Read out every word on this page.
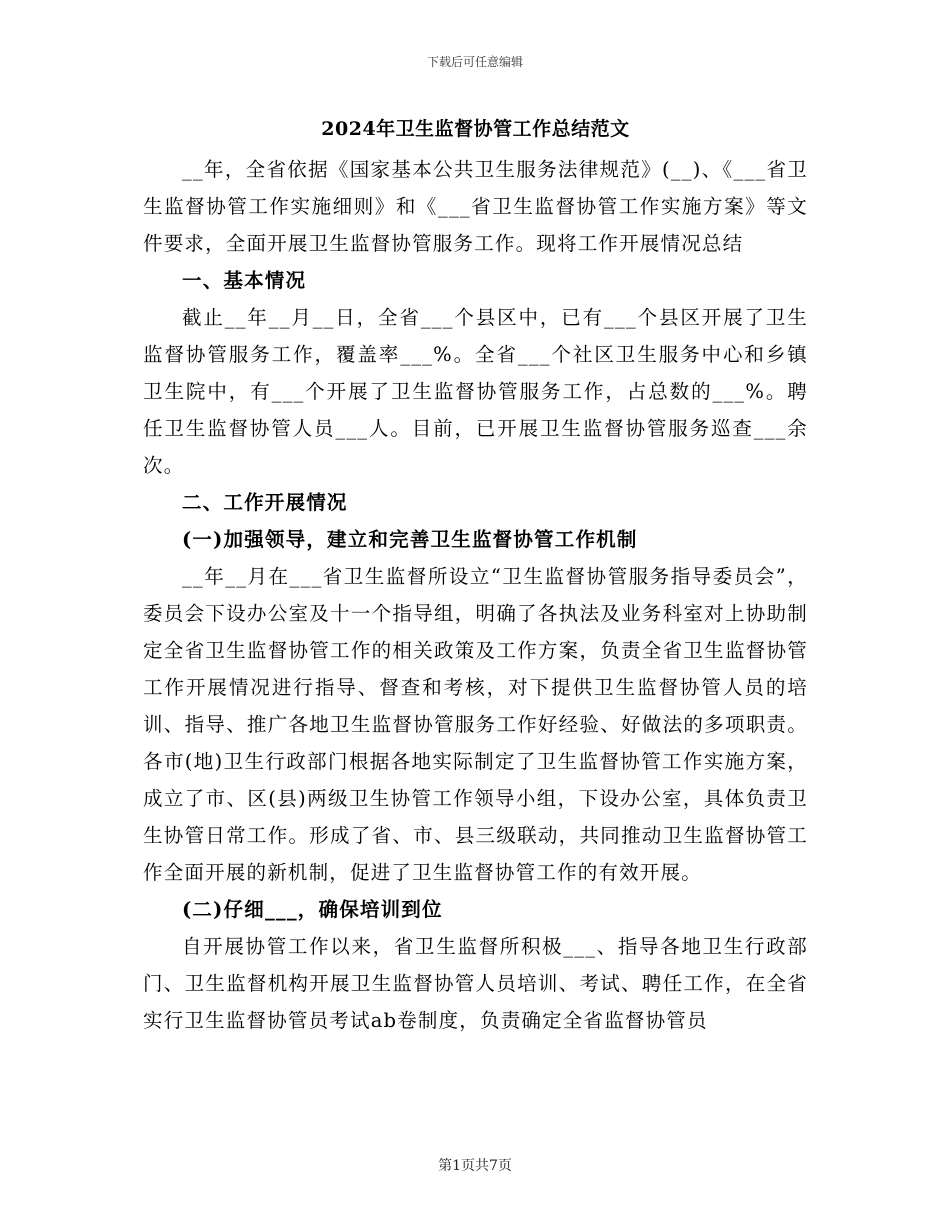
下载后可任意编辑
2024年卫生监督协管工作总结范文

__年，全省依据《国家基本公共卫生服务法律规范》(__)、《___省卫生监督协管工作实施细则》和《___省卫生监督协管工作实施方案》等文件要求，全面开展卫生监督协管服务工作。现将工作开展情况总结

一、基本情况

截止__年__月__日，全省___个县区中，已有___个县区开展了卫生监督协管服务工作，覆盖率___%。全省___个社区卫生服务中心和乡镇卫生院中，有___个开展了卫生监督协管服务工作，占总数的___%。聘任卫生监督协管人员___人。目前，已开展卫生监督协管服务巡查___余次。

二、工作开展情况

(一)加强领导，建立和完善卫生监督协管工作机制

__年__月在___省卫生监督所设立“卫生监督协管服务指导委员会”，委员会下设办公室及十一个指导组，明确了各执法及业务科室对上协助制定全省卫生监督协管工作的相关政策及工作方案，负责全省卫生监督协管工作开展情况进行指导、督查和考核，对下提供卫生监督协管人员的培训、指导、推广各地卫生监督协管服务工作好经验、好做法的多项职责。各市(地)卫生行政部门根据各地实际制定了卫生监督协管工作实施方案，成立了市、区(县)两级卫生协管工作领导小组，下设办公室，具体负责卫生协管日常工作。形成了省、市、县三级联动，共同推动卫生监督协管工作全面开展的新机制，促进了卫生监督协管工作的有效开展。

(二)仔细___，确保培训到位

自开展协管工作以来，省卫生监督所积极___、指导各地卫生行政部门、卫生监督机构开展卫生监督协管人员培训、考试、聘任工作，在全省实行卫生监督协管员考试ab卷制度，负责确定全省监督协管员

第1页共7页
